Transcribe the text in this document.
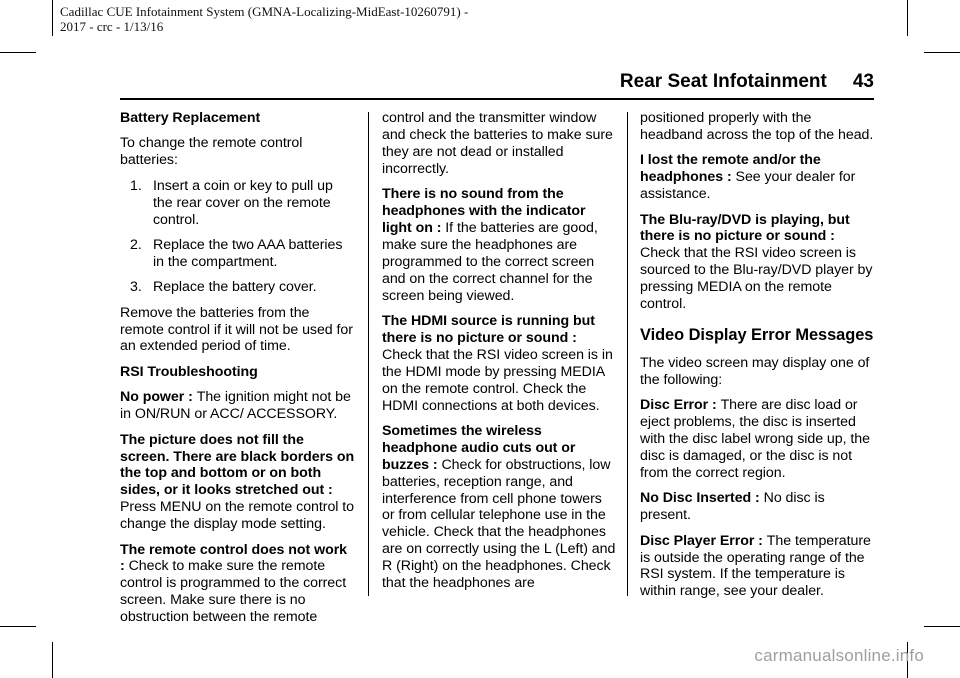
Cadillac CUE Infotainment System (GMNA-Localizing-MidEast-10260791) -
2017 - crc - 1/13/16
Rear Seat Infotainment 43

Battery Replacement

To change the remote control batteries:

1. Insert a coin or key to pull up the rear cover on the remote control.
2. Replace the two AAA batteries in the compartment.
3. Replace the battery cover.

Remove the batteries from the remote control if it will not be used for an extended period of time.

RSI Troubleshooting

No power : The ignition might not be in ON/RUN or ACC/ ACCESSORY.

The picture does not fill the screen. There are black borders on the top and bottom or on both sides, or it looks stretched out : Press MENU on the remote control to change the display mode setting.

The remote control does not work : Check to make sure the remote control is programmed to the correct screen. Make sure there is no obstruction between the remote

control and the transmitter window and check the batteries to make sure they are not dead or installed incorrectly.

There is no sound from the headphones with the indicator light on : If the batteries are good, make sure the headphones are programmed to the correct screen and on the correct channel for the screen being viewed.

The HDMI source is running but there is no picture or sound : Check that the RSI video screen is in the HDMI mode by pressing MEDIA on the remote control. Check the HDMI connections at both devices.

Sometimes the wireless headphone audio cuts out or buzzes : Check for obstructions, low batteries, reception range, and interference from cell phone towers or from cellular telephone use in the vehicle. Check that the headphones are on correctly using the L (Left) and R (Right) on the headphones. Check that the headphones are

positioned properly with the headband across the top of the head.

I lost the remote and/or the headphones : See your dealer for assistance.

The Blu-ray/DVD is playing, but there is no picture or sound : Check that the RSI video screen is sourced to the Blu-ray/DVD player by pressing MEDIA on the remote control.

Video Display Error Messages

The video screen may display one of the following:

Disc Error : There are disc load or eject problems, the disc is inserted with the disc label wrong side up, the disc is damaged, or the disc is not from the correct region.

No Disc Inserted : No disc is present.

Disc Player Error : The temperature is outside the operating range of the RSI system. If the temperature is within range, see your dealer.

carmanualsonline.info
